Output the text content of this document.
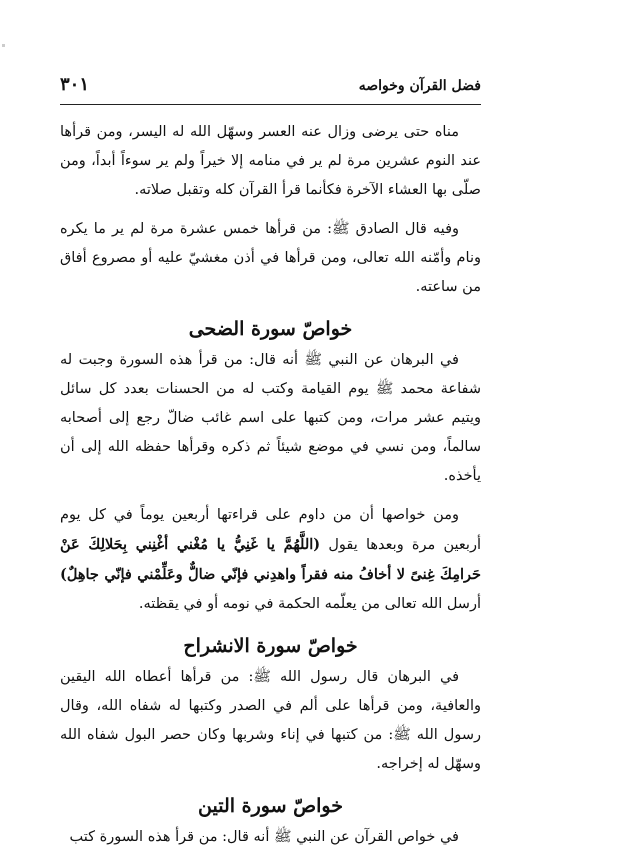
فضل القرآن وخواصه
٣٠١

مناه حتى يرضى وزال عنه العسر وسهّل الله له اليسر، ومن قرأها عند النوم عشرين مرة لم ير في منامه إلا خيراً ولم ير سوءاً أبداً، ومن صلّى بها العشاء الآخرة فكأنما قرأ القرآن كله وتقبل صلاته.

وفيه قال الصادق ﷺ: من قرأها خمس عشرة مرة لم ير ما يكره ونام وأمّنه الله تعالى، ومن قرأها في أذن مغشيّ عليه أو مصروع أفاق من ساعته.

خواصّ سورة الضحى

في البرهان عن النبي ﷺ أنه قال: من قرأ هذه السورة وجبت له شفاعة محمد ﷺ يوم القيامة وكتب له من الحسنات بعدد كل سائل ويتيم عشر مرات، ومن كتبها على اسم غائب ضالّ رجع إلى أصحابه سالماً، ومن نسي في موضع شيئاً ثم ذكره وقرأها حفظه الله إلى أن يأخذه.

ومن خواصها أن من داوم على قراءتها أربعين يوماً في كل يوم أربعين مرة وبعدها يقول (اللَّهُمَّ يا غَنِيُّ يا مُغْني أغْنِني بِحَلالِكَ عَنْ حَرامِكَ غِنىً لا أخافُ منه فقراً واهدِني فإنّي ضالٌّ وعَلِّمْني فإنّي جاهِلٌ) أرسل الله تعالى من يعلّمه الحكمة في نومه أو في يقظته.

خواصّ سورة الانشراح

في البرهان قال رسول الله ﷺ: من قرأها أعطاه الله اليقين والعافية، ومن قرأها على ألم في الصدر وكتبها له شفاه الله، وقال رسول الله ﷺ: من كتبها في إناء وشربها وكان حصر البول شفاه الله وسهّل له إخراجه.

خواصّ سورة التين

في خواص القرآن عن النبي ﷺ أنه قال: من قرأ هذه السورة كتب
